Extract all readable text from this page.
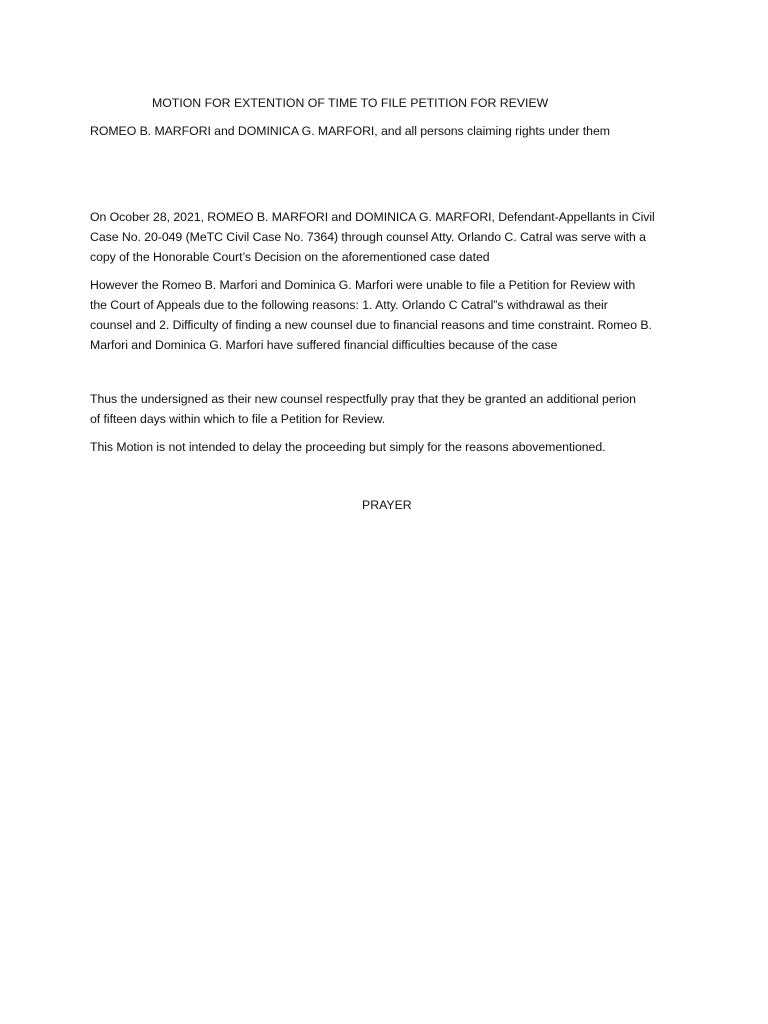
MOTION FOR EXTENTION OF TIME TO FILE PETITION FOR REVIEW
ROMEO B. MARFORI and DOMINICA G. MARFORI, and all persons claiming rights under them
On Ocober 28, 2021, ROMEO B. MARFORI and DOMINICA G. MARFORI, Defendant-Appellants in Civil
Case No. 20-049 (MeTC Civil Case No. 7364) through counsel Atty. Orlando C. Catral was serve with a
copy of the Honorable Court’s Decision on the aforementioned case dated
However the Romeo B. Marfori and Dominica G. Marfori were unable to file a Petition for Review with
the Court of Appeals due to the following reasons: 1. Atty. Orlando C Catral”s withdrawal as their
counsel and 2. Difficulty of finding a new counsel due to financial reasons and time constraint. Romeo B.
Marfori and Dominica G. Marfori have suffered financial difficulties because of the case
Thus the undersigned as their new counsel respectfully pray that they be granted an additional perion
of fifteen days within which to file a Petition for Review.
This Motion is not intended to delay the proceeding but simply for the reasons abovementioned.
PRAYER
